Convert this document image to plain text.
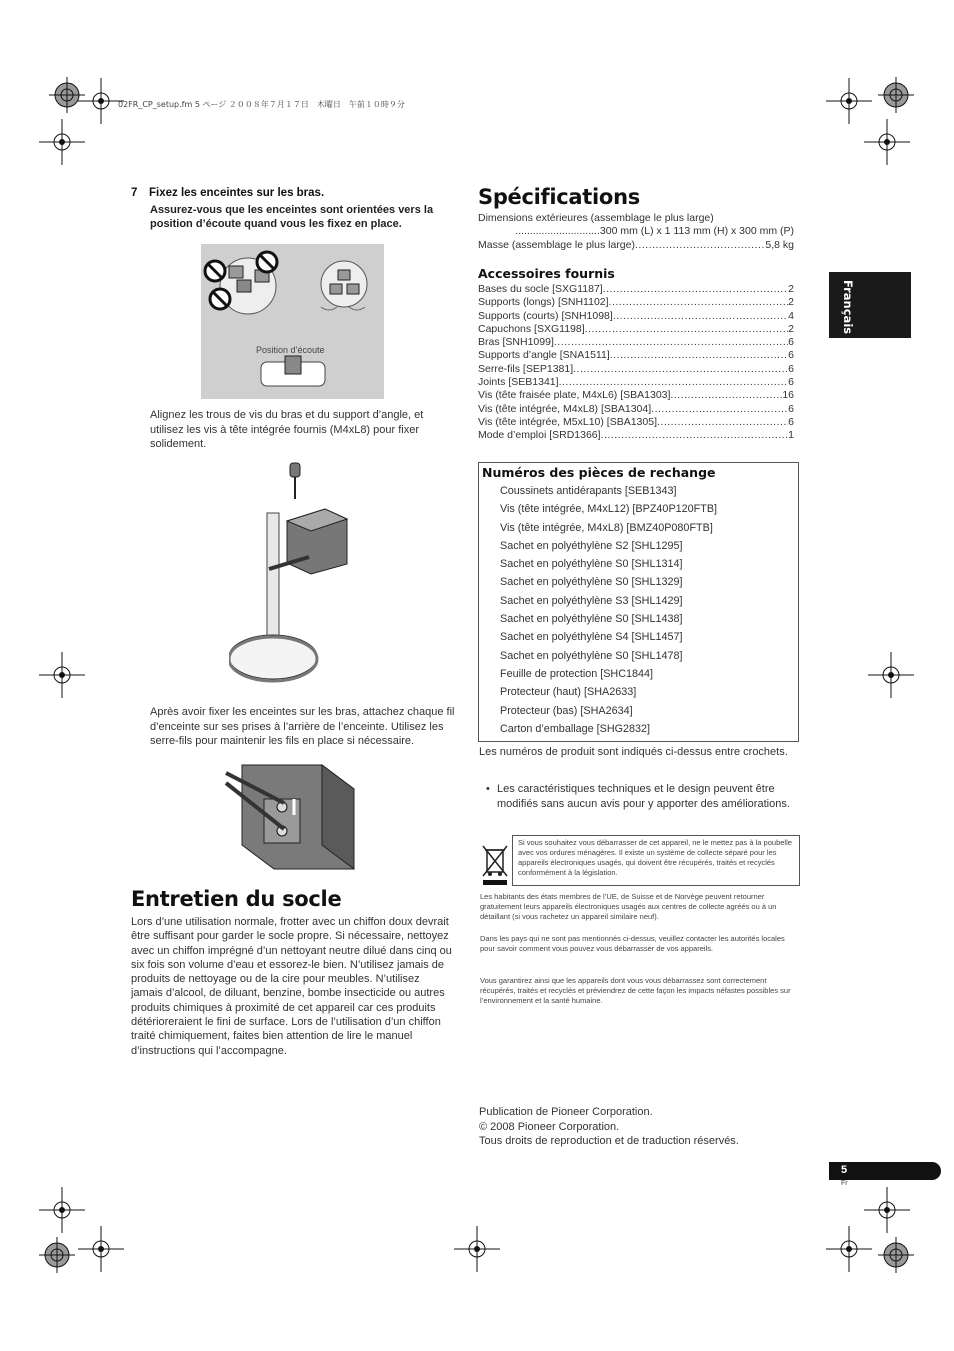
02FR_CP_setup.fm 5 ページ ２００８年７月１７日　木曜日　午前１０時９分
7 Fixez les enceintes sur les bras.
Assurez-vous que les enceintes sont orientées vers la position d’écoute quand vous les fixez en place.
Position d’écoute
Alignez les trous de vis du bras et du support d’angle, et utilisez les vis à tête intégrée fournis (M4xL8) pour fixer solidement.
Après avoir fixer les enceintes sur les bras, attachez chaque fil d’enceinte sur ses prises à l’arrière de l’enceinte. Utilisez les serre-fils pour maintenir les fils en place si nécessaire.
Entretien du socle
Lors d’une utilisation normale, frotter avec un chiffon doux devrait être suffisant pour garder le socle propre. Si nécessaire, nettoyez avec un chiffon imprégné d’un nettoyant neutre dilué dans cinq ou six fois son volume d’eau et essorez-le bien. N’utilisez jamais de produits de nettoyage ou de la cire pour meubles. N’utilisez jamais d’alcool, de diluant, benzine, bombe insecticide ou autres produits chimiques à proximité de cet appareil car ces produits détérioreraient le fini de surface. Lors de l’utilisation d’un chiffon traité chimiquement, faites bien attention de lire le manuel d’instructions qui l’accompagne.
Spécifications
Dimensions extérieures (assemblage le plus large)
.............................300 mm (L) x 1 113 mm (H) x 300 mm (P)
Masse (assemblage le plus large) .....	5,8 kg
Accessoires fournis
Bases du socle [SXG1187] .....	2
Supports (longs) [SNH1102] .....	2
Supports (courts) [SNH1098] .....	4
Capuchons [SXG1198] .....	2
Bras [SNH1099] .....	6
Supports d’angle [SNA1511] .....	6
Serre-fils [SEP1381] .....	6
Joints [SEB1341] .....	6
Vis (tête fraisée plate, M4xL6) [SBA1303] .....	16
Vis (tête intégrée, M4xL8) [SBA1304] .....	6
Vis (tête intégrée, M5xL10) [SBA1305] .....	6
Mode d’emploi [SRD1366] .....	1
Numéros des pièces de rechange
Coussinets antidérapants [SEB1343]
Vis (tête intégrée, M4xL12) [BPZ40P120FTB]
Vis (tête intégrée, M4xL8) [BMZ40P080FTB]
Sachet en polyéthylène S2 [SHL1295]
Sachet en polyéthylène S0 [SHL1314]
Sachet en polyéthylène S0 [SHL1329]
Sachet en polyéthylène S3 [SHL1429]
Sachet en polyéthylène S0 [SHL1438]
Sachet en polyéthylène S4 [SHL1457]
Sachet en polyéthylène S0 [SHL1478]
Feuille de protection [SHC1844]
Protecteur (haut) [SHA2633]
Protecteur (bas) [SHA2634]
Carton d’emballage [SHG2832]
Les numéros de produit sont indiqués ci-dessus entre crochets.
• Les caractéristiques techniques et le design peuvent être modifiés sans aucun avis pour y apporter des améliorations.
Si vous souhaitez vous débarrasser de cet appareil, ne le mettez pas à la poubelle avec vos ordures ménagères. Il existe un système de collecte séparé pour les appareils électroniques usagés, qui doivent être récupérés, traités et recyclés conformément à la législation.
Les habitants des états membres de l’UE, de Suisse et de Norvège peuvent retourner gratuitement leurs appareils électroniques usagés aux centres de collecte agréés ou à un détaillant (si vous rachetez un appareil similaire neuf).
Dans les pays qui ne sont pas mentionnés ci-dessus, veuillez contacter les autorités locales pour savoir comment vous pouvez vous débarrasser de vos appareils.
Vous garantirez ainsi que les appareils dont vous vous débarrassez sont correctement récupérés, traités et recyclés et préviendrez de cette façon les impacts néfastes possibles sur l’environnement et la santé humaine.
Publication de Pioneer Corporation.
© 2008 Pioneer Corporation.
Tous droits de reproduction et de traduction réservés.
Français
5
Fr
